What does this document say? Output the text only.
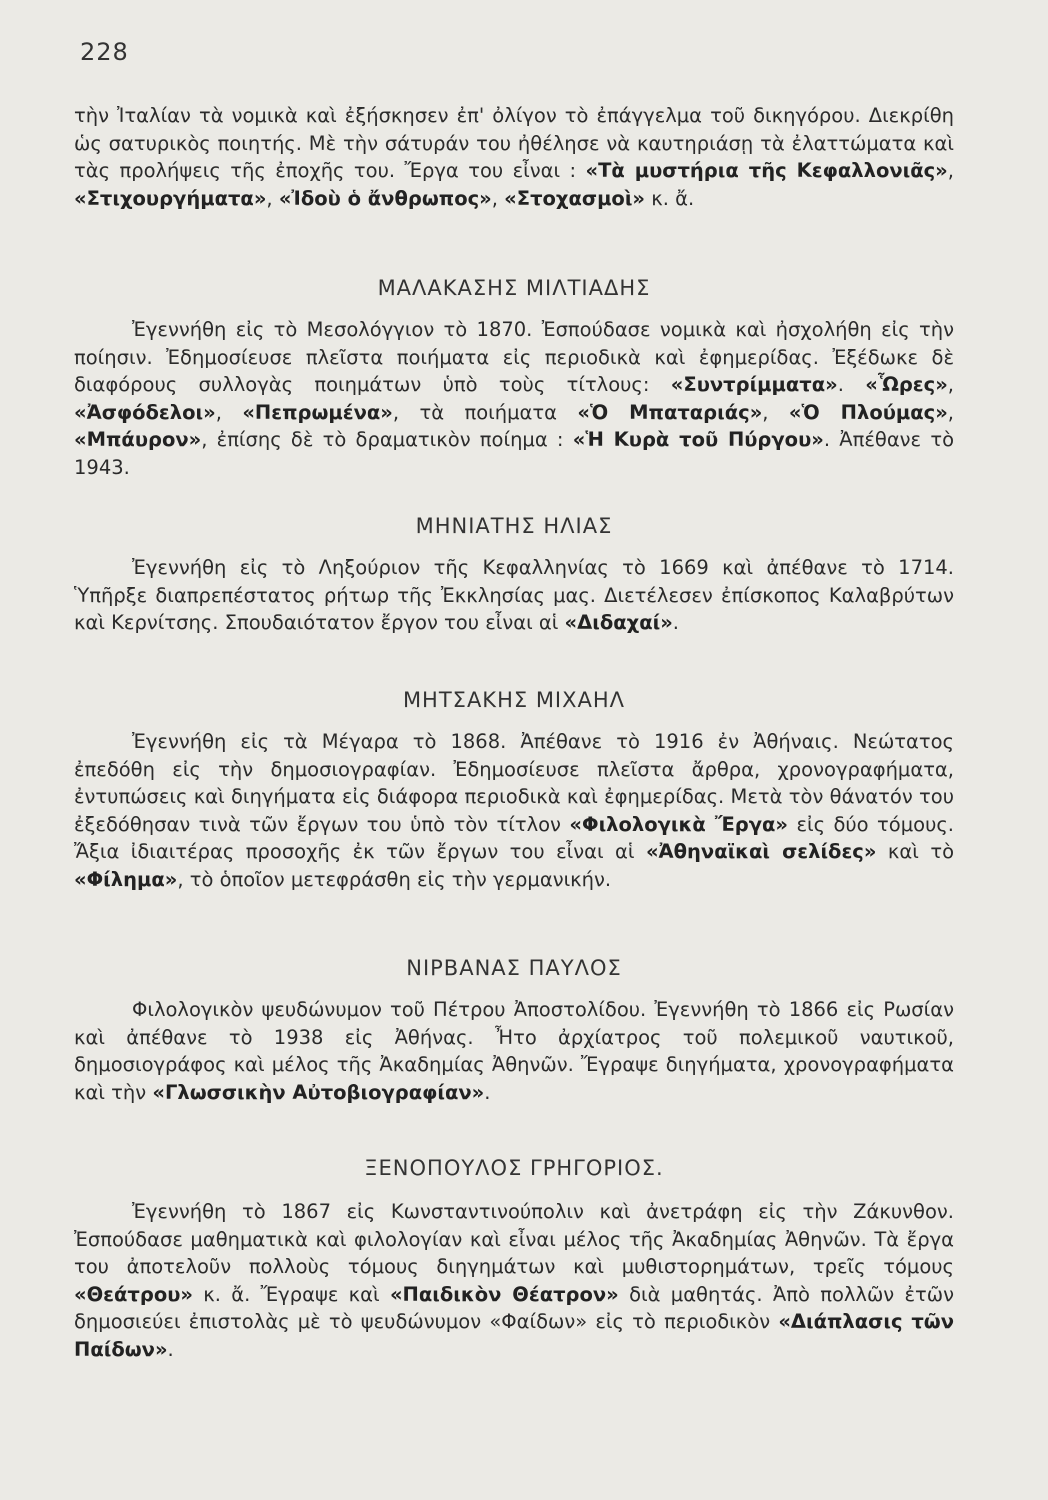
228

τὴν Ἰταλίαν τὰ νομικὰ καὶ ἐξήσκησεν ἐπ' ὀλίγον τὸ ἐπάγγελμα τοῦ δικηγόρου. Διεκρίθη ὡς σατυρικὸς ποιητής. Μὲ τὴν σάτυράν του ἠθέλησε νὰ καυτηριάσῃ τὰ ἐλαττώματα καὶ τὰς προλήψεις τῆς ἐποχῆς του. Ἔργα του εἶναι : «Τὰ μυστήρια τῆς Κεφαλλονιᾶς», «Στιχουργήματα», «Ἰδοὺ ὁ ἄνθρωπος», «Στοχασμοὶ» κ. ἄ.

ΜΑΛΑΚΑΣΗΣ ΜΙΛΤΙΑΔΗΣ

Ἐγεννήθη εἰς τὸ Μεσολόγγιον τὸ 1870. Ἐσπούδασε νομικὰ καὶ ἠσχολήθη εἰς τὴν ποίησιν. Ἐδημοσίευσε πλεῖστα ποιήματα εἰς περιοδικὰ καὶ ἐφημερίδας. Ἐξέδωκε δὲ διαφόρους συλλογὰς ποιημάτων ὑπὸ τοὺς τίτλους: «Συντρίμματα». «Ὧρες», «Ἀσφόδελοι», «Πεπρωμένα», τὰ ποιήματα «Ὁ Μπαταριάς», «Ὁ Πλούμας», «Μπάυρον», ἐπίσης δὲ τὸ δραματικὸν ποίημα : «Ἡ Κυρὰ τοῦ Πύργου». Ἀπέθανε τὸ 1943.

ΜΗΝΙΑΤΗΣ ΗΛΙΑΣ

Ἐγεννήθη εἰς τὸ Ληξούριον τῆς Κεφαλληνίας τὸ 1669 καὶ ἀπέθανε τὸ 1714. Ὑπῆρξε διαπρεπέστατος ρήτωρ τῆς Ἐκκλησίας μας. Διετέλεσεν ἐπίσκοπος Καλαβρύτων καὶ Κερνίτσης. Σπουδαιότατον ἔργον του εἶναι αἱ «Διδαχαί».

ΜΗΤΣΑΚΗΣ ΜΙΧΑΗΛ

Ἐγεννήθη εἰς τὰ Μέγαρα τὸ 1868. Ἀπέθανε τὸ 1916 ἐν Ἀθήναις. Νεώτατος ἐπεδόθη εἰς τὴν δημοσιογραφίαν. Ἐδημοσίευσε πλεῖστα ἄρθρα, χρονογραφήματα, ἐντυπώσεις καὶ διηγήματα εἰς διάφορα περιοδικὰ καὶ ἐφημερίδας. Μετὰ τὸν θάνατόν του ἐξεδόθησαν τινὰ τῶν ἔργων του ὑπὸ τὸν τίτλον «Φιλολογικὰ Ἔργα» εἰς δύο τόμους. Ἄξια ἰδιαιτέρας προσοχῆς ἐκ τῶν ἔργων του εἶναι αἱ «Ἀθηναϊκαὶ σελίδες» καὶ τὸ «Φίλημα», τὸ ὁποῖον μετεφράσθη εἰς τὴν γερμανικήν.

ΝΙΡΒΑΝΑΣ ΠΑΥΛΟΣ

Φιλολογικὸν ψευδώνυμον τοῦ Πέτρου Ἀποστολίδου. Ἐγεννήθη τὸ 1866 εἰς Ρωσίαν καὶ ἀπέθανε τὸ 1938 εἰς Ἀθήνας. Ἦτο ἀρχίατρος τοῦ πολεμικοῦ ναυτικοῦ, δημοσιογράφος καὶ μέλος τῆς Ἀκαδημίας Ἀθηνῶν. Ἔγραψε διηγήματα, χρονογραφήματα καὶ τὴν «Γλωσσικὴν Αὐτοβιογραφίαν».

ΞΕΝΟΠΟΥΛΟΣ ΓΡΗΓΟΡΙΟΣ.

Ἐγεννήθη τὸ 1867 εἰς Κωνσταντινούπολιν καὶ ἀνετράφη εἰς τὴν Ζάκυνθον. Ἐσπούδασε μαθηματικὰ καὶ φιλολογίαν καὶ εἶναι μέλος τῆς Ἀκαδημίας Ἀθηνῶν. Τὰ ἔργα του ἀποτελοῦν πολλοὺς τόμους διηγημάτων καὶ μυθιστορημάτων, τρεῖς τόμους «Θεάτρου» κ. ἄ. Ἔγραψε καὶ «Παιδικὸν Θέατρον» διὰ μαθητάς. Ἀπὸ πολλῶν ἐτῶν δημοσιεύει ἐπιστολὰς μὲ τὸ ψευδώνυμον «Φαίδων» εἰς τὸ περιοδικὸν «Διάπλασις τῶν Παίδων».
